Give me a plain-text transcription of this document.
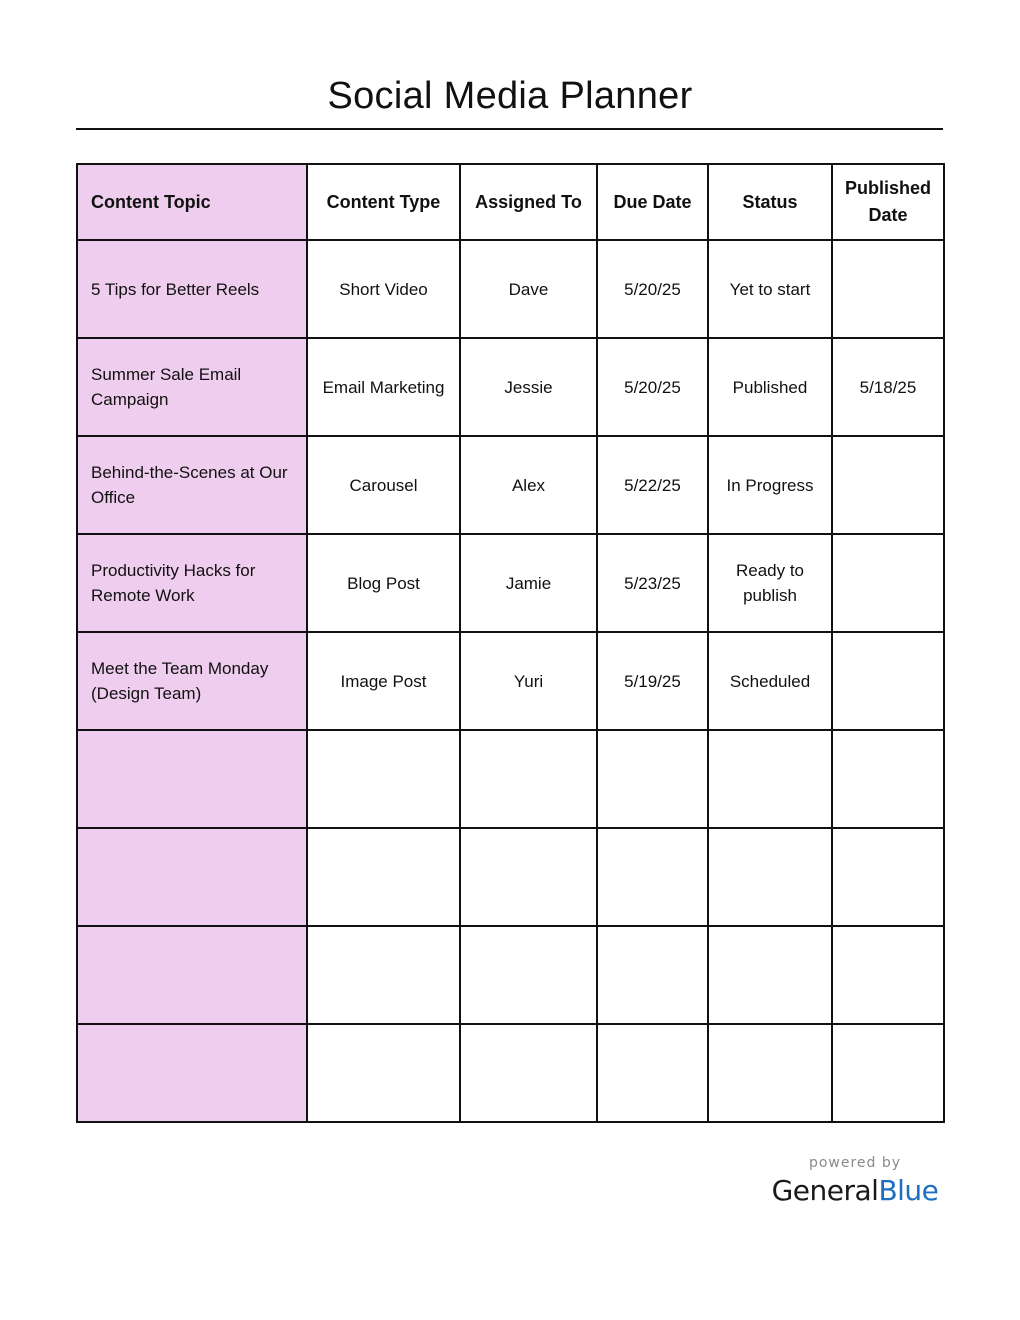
Social Media Planner
Content Topic	Content Type	Assigned To	Due Date	Status	Published Date
5 Tips for Better Reels	Short Video	Dave	5/20/25	Yet to start	
Summer Sale Email Campaign	Email Marketing	Jessie	5/20/25	Published	5/18/25
Behind-the-Scenes at Our Office	Carousel	Alex	5/22/25	In Progress	
Productivity Hacks for Remote Work	Blog Post	Jamie	5/23/25	Ready to publish	
Meet the Team Monday (Design Team)	Image Post	Yuri	5/19/25	Scheduled	

powered by
GeneralBlue
